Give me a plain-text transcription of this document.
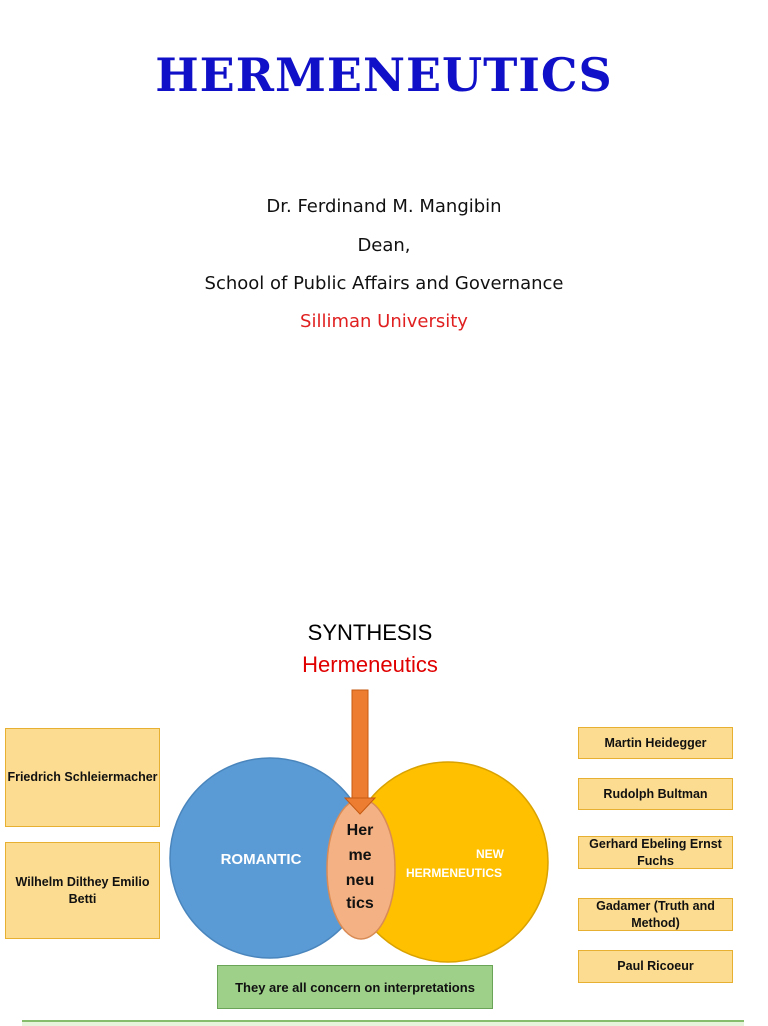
HERMENEUTICS
Dr. Ferdinand M. Mangibin
Dean,
School of Public Affairs and Governance
Silliman University
SYNTHESIS
Hermeneutics
Friedrich Schleiermacher
Wilhelm Dilthey Emilio Betti
Martin Heidegger
Rudolph Bultman
Gerhard Ebeling Ernst Fuchs
Gadamer (Truth and Method)
Paul Ricoeur
ROMANTIC	NEW
HERMENEUTICS
Her
me
neu
tics
They are all concern on interpretations
